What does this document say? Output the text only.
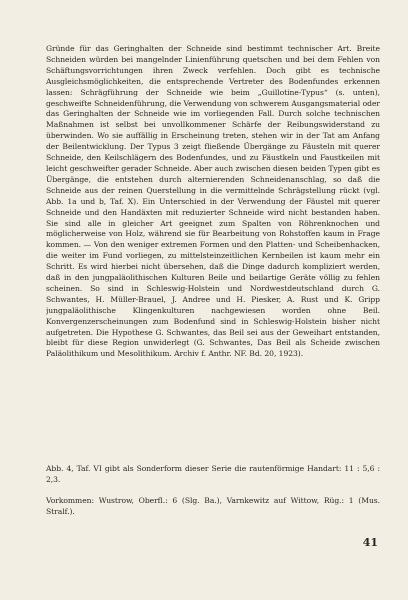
Gründe für das Geringhalten der Schneide sind bestimmt technischer Art. Breite Schneiden würden bei mangelnder Linienführung quetschen und bei dem Fehlen von Schäftungsvorrichtungen ihren Zweck verfehlen. Doch gibt es technische Ausgleichsmöglichkeiten, die entsprechende Vertreter des Bodenfundes erkennen lassen: Schrägführung der Schneide wie beim „Guillotine-Typus“ (s. unten), geschweifte Schneidenführung, die Verwendung von schwerem Ausgangsmaterial oder das Geringhalten der Schneide wie im vorliegenden Fall. Durch solche technischen Maßnahmen ist selbst bei unvollkommener Schärfe der Reibungswiderstand zu überwinden. Wo sie auffällig in Erscheinung treten, stehen wir in der Tat am Anfang der Beilentwicklung. Der Typus 3 zeigt fließende Übergänge zu Fäusteln mit querer Schneide, den Keilschlägern des Bodenfundes, und zu Fäustkeln und Faustkeilen mit leicht geschweifter gerader Schneide. Aber auch zwischen diesen beiden Typen gibt es Übergänge, die entstehen durch alternierenden Schneidenanschlag, so daß die Schneide aus der reinen Querstellung in die vermittelnde Schrägstellung rückt (vgl. Abb. 1a und b, Taf. X). Ein Unterschied in der Verwendung der Fäustel mit querer Schneide und den Handäxten mit reduzierter Schneide wird nicht bestanden haben. Sie sind alle in gleicher Art geeignet zum Spalten von Röhrenknochen und möglicherweise von Holz, während sie für Bearbeitung von Rohstoffen kaum in Frage kommen. — Von den weniger extremen Formen und den Platten- und Scheibenhacken, die weiter im Fund vorliegen, zu mittelsteinzeitlichen Kernbeilen ist kaum mehr ein Schritt. Es wird hierbei nicht übersehen, daß die Dinge dadurch kompliziert werden, daß in den jungpaläolithischen Kulturen Beile und beilartige Geräte völlig zu fehlen scheinen. So sind in Schleswig-Holstein und Nordwestdeutschland durch G. Schwantes, H. Müller-Brauel, J. Andree und H. Piesker, A. Rust und K. Gripp jungpaläolithische Klingenkulturen nachgewiesen worden ohne Beil. Konvergenzerscheinungen zum Bodenfund sind in Schleswig-Holstein bisher nicht aufgetreten. Die Hypothese G. Schwantes, das Beil sei aus der Geweihart entstanden, bleibt für diese Region unwiderlegt (G. Schwantes, Das Beil als Scheide zwischen Paläolithikum und Mesolithikum. Archiv f. Anthr. NF. Bd. 20, 1923).

Abb. 4, Taf. VI gibt als Sonderform dieser Serie die rautenförmige Handart: 11 : 5,6 : 2,3.

Vorkommen: Wustrow, Oberfl.: 6 (Slg. Ba.), Varnkewitz auf Wittow, Rüg.: 1 (Mus. Stralf.).

41
